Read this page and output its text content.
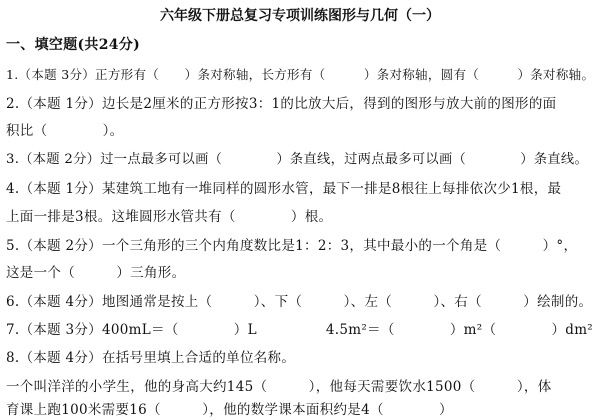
六年级下册总复习专项训练图形与几何（一）
一、填空题(共24分)
1.（本题 3分）正方形有（　　）条对称轴，长方形有（　　　）条对称轴，圆有（　　　）条对称轴。
2.（本题 1分）边长是2厘米的正方形按3：1的比放大后，得到的图形与放大前的图形的面
积比（　　　　）。
3.（本题 2分）过一点最多可以画（　　　　）条直线，过两点最多可以画（　　　　）条直线。
4.（本题 1分）某建筑工地有一堆同样的圆形水管，最下一排是8根往上每排依次少1根，最
上面一排是3根。这堆圆形水管共有（　　　　）根。
5.（本题 2分）一个三角形的三个内角度数比是1：2：3，其中最小的一个角是（　　　）°，
这是一个（　　　）三角形。
6.（本题 4分）地图通常是按上（　　　）、下（　　　）、左（　　　）、右（　　　）绘制的。
7.（本题 3分）400mL＝（　　　　）L　　　　　4.5m²＝（　　　　）m²（　　　　）dm²
8.（本题 4分）在括号里填上合适的单位名称。
一个叫洋洋的小学生，他的身高大约145（　　　），他每天需要饮水1500（　　　），体
育课上跑100米需要16（　　　），他的数学课本面积约是4（　　　　）
